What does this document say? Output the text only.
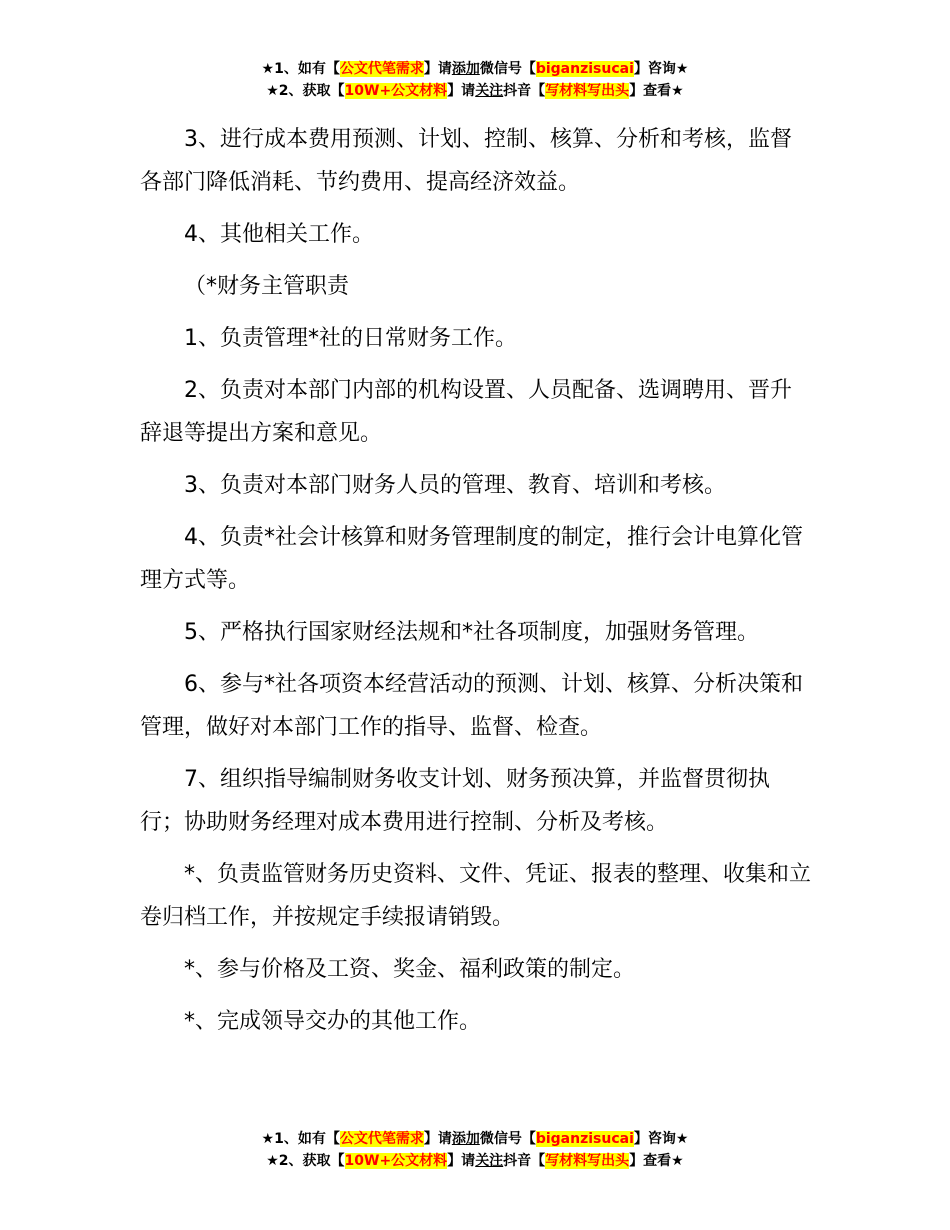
★1、如有【公文代笔需求】请添加微信号【biganzisucai】咨询★
★2、获取【10W+公文材料】请关注抖音【写材料写出头】查看★

3、进行成本费用预测、计划、控制、核算、分析和考核，监督各部门降低消耗、节约费用、提高经济效益。

4、其他相关工作。

（*财务主管职责

1、负责管理*社的日常财务工作。

2、负责对本部门内部的机构设置、人员配备、选调聘用、晋升辞退等提出方案和意见。

3、负责对本部门财务人员的管理、教育、培训和考核。

4、负责*社会计核算和财务管理制度的制定，推行会计电算化管理方式等。

5、严格执行国家财经法规和*社各项制度，加强财务管理。

6、参与*社各项资本经营活动的预测、计划、核算、分析决策和管理，做好对本部门工作的指导、监督、检查。

7、组织指导编制财务收支计划、财务预决算，并监督贯彻执行；协助财务经理对成本费用进行控制、分析及考核。

*、负责监管财务历史资料、文件、凭证、报表的整理、收集和立卷归档工作，并按规定手续报请销毁。

*、参与价格及工资、奖金、福利政策的制定。

*、完成领导交办的其他工作。

★1、如有【公文代笔需求】请添加微信号【biganzisucai】咨询★
★2、获取【10W+公文材料】请关注抖音【写材料写出头】查看★
